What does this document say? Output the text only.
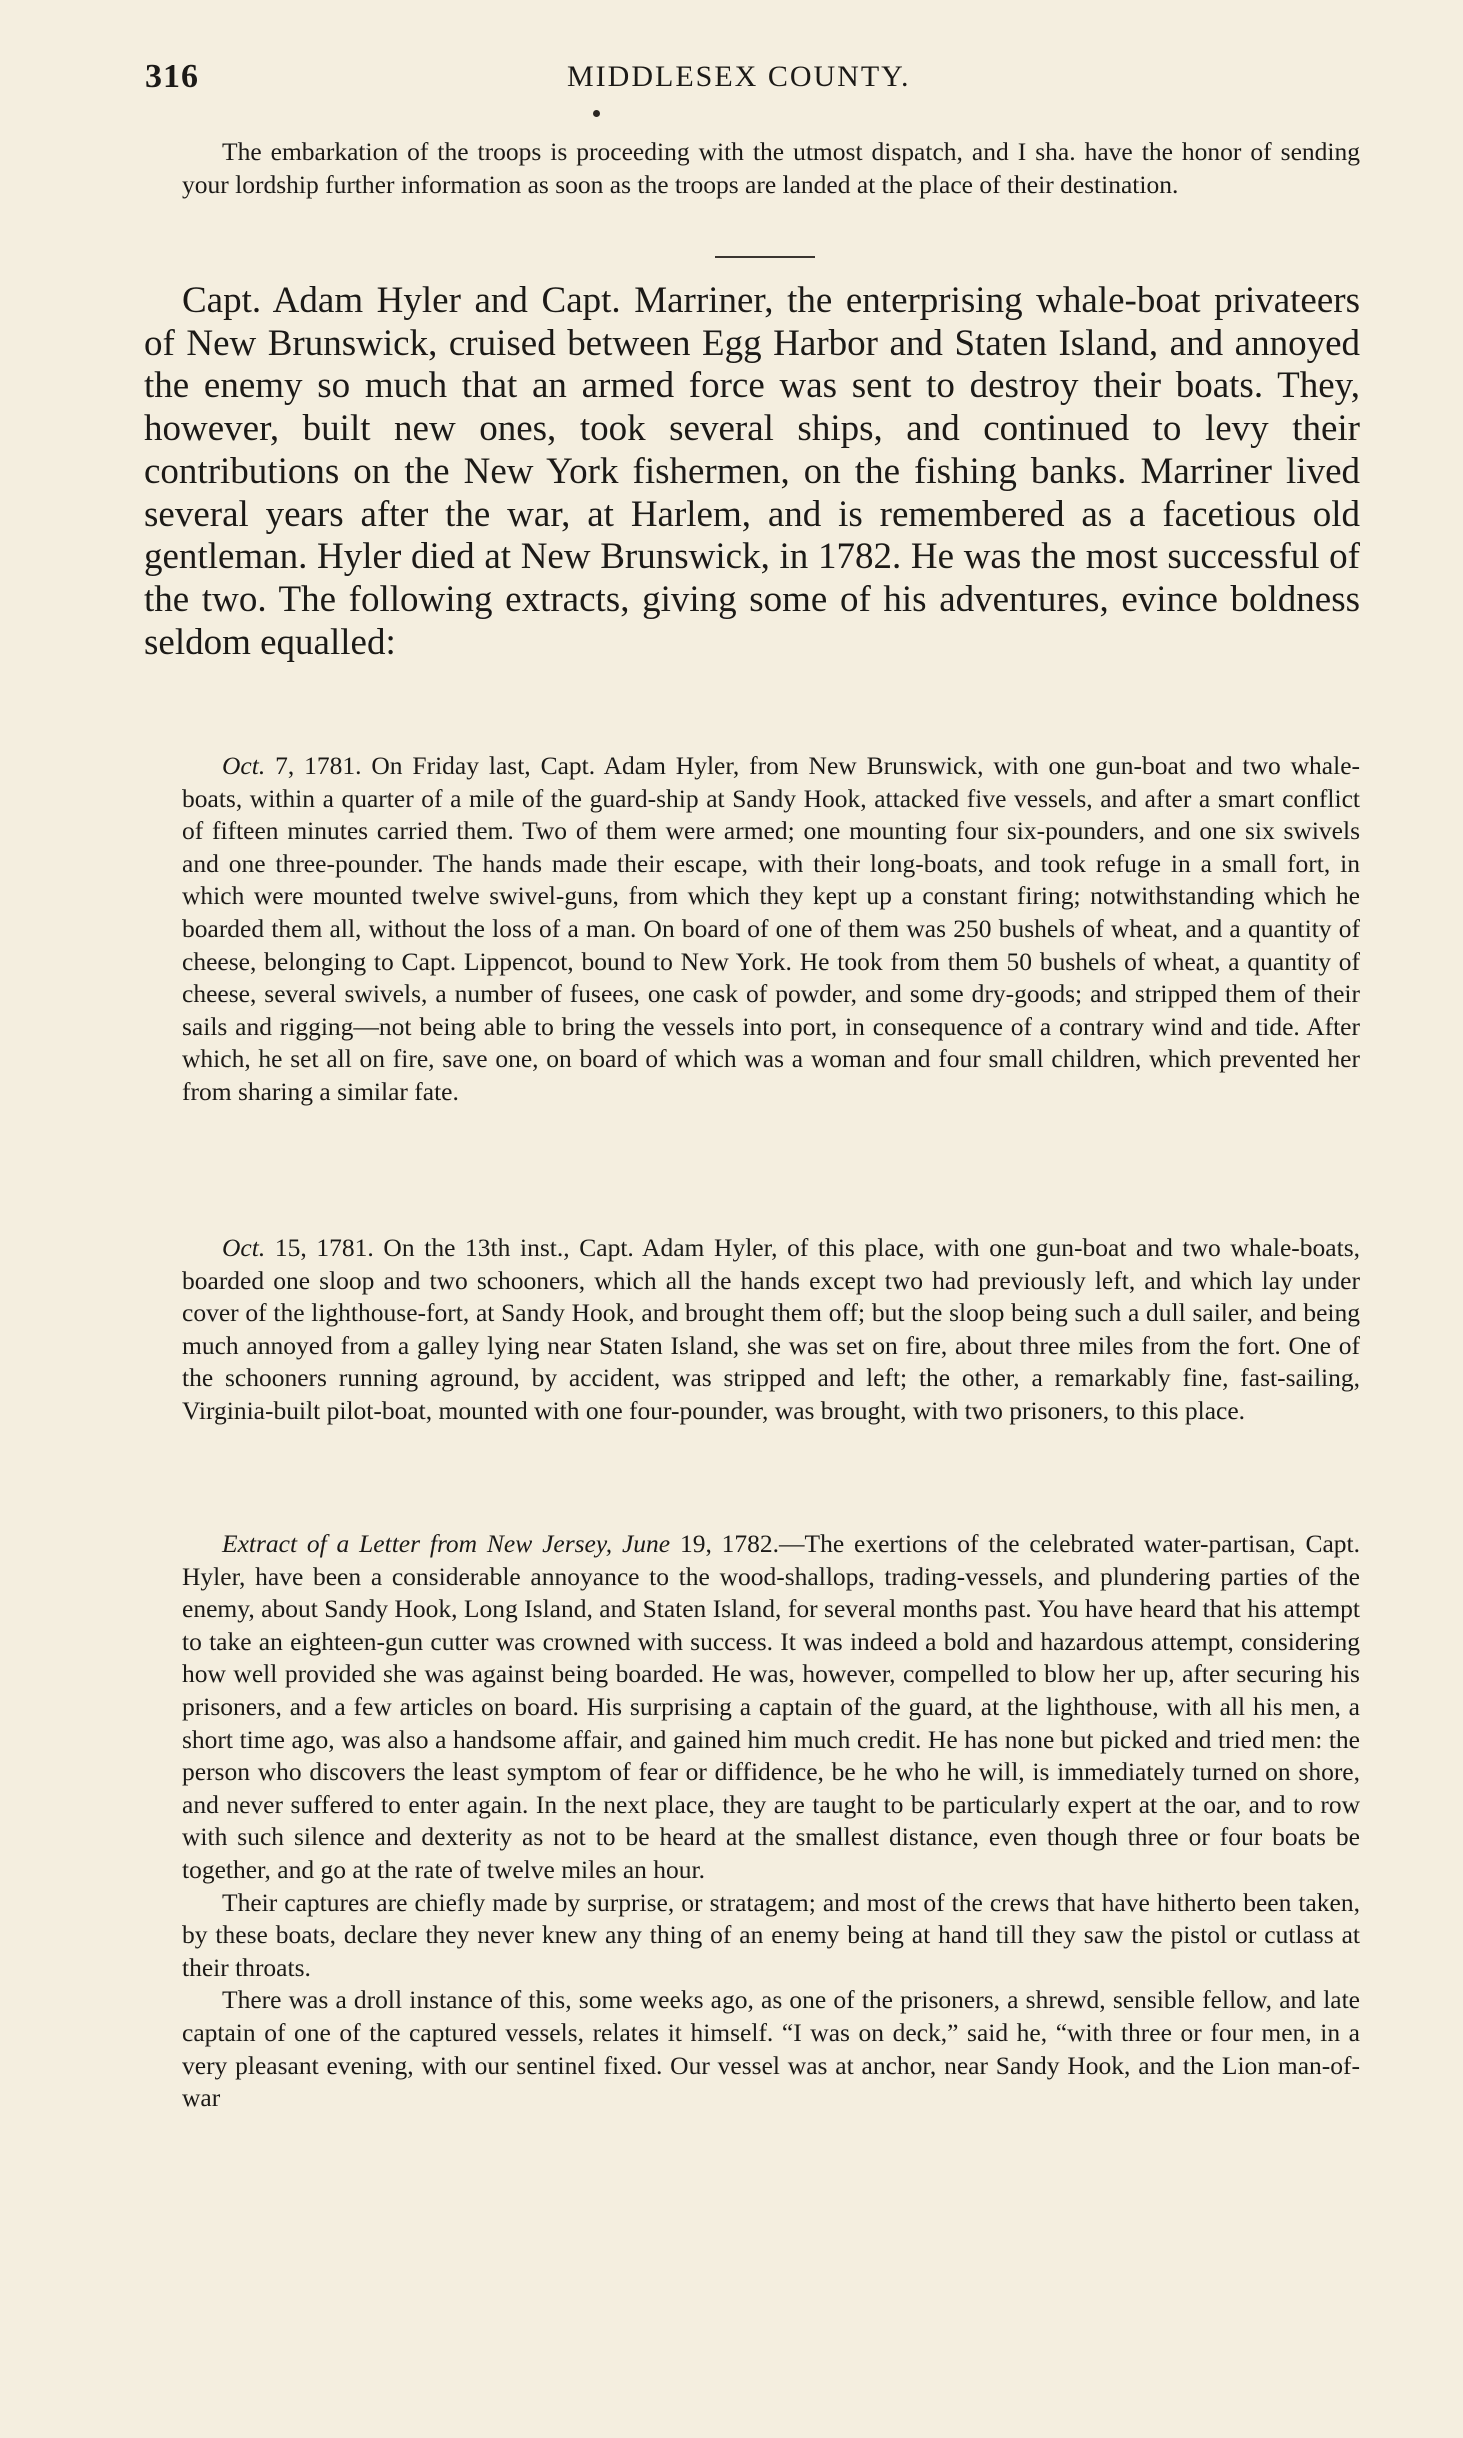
316	MIDDLESEX COUNTY.

The embarkation of the troops is proceeding with the utmost dispatch, and I sha. have the honor of sending your lordship further information as soon as the troops are landed at the place of their destination.

Capt. Adam Hyler and Capt. Marriner, the enterprising whale-boat privateers of New Brunswick, cruised between Egg Harbor and Staten Island, and annoyed the enemy so much that an armed force was sent to destroy their boats. They, however, built new ones, took several ships, and continued to levy their contributions on the New York fishermen, on the fishing banks. Marriner lived several years after the war, at Harlem, and is remembered as a facetious old gentleman. Hyler died at New Brunswick, in 1782. He was the most successful of the two. The following extracts, giving some of his adventures, evince boldness seldom equalled:

Oct. 7, 1781. On Friday last, Capt. Adam Hyler, from New Brunswick, with one gun-boat and two whale-boats, within a quarter of a mile of the guard-ship at Sandy Hook, attacked five vessels, and after a smart conflict of fifteen minutes carried them. Two of them were armed; one mounting four six-pounders, and one six swivels and one three-pounder. The hands made their escape, with their long-boats, and took refuge in a small fort, in which were mounted twelve swivel-guns, from which they kept up a constant firing; notwithstanding which he boarded them all, without the loss of a man. On board of one of them was 250 bushels of wheat, and a quantity of cheese, belonging to Capt. Lippencot, bound to New York. He took from them 50 bushels of wheat, a quantity of cheese, several swivels, a number of fusees, one cask of powder, and some dry-goods; and stripped them of their sails and rigging—not being able to bring the vessels into port, in consequence of a contrary wind and tide. After which, he set all on fire, save one, on board of which was a woman and four small children, which prevented her from sharing a similar fate.

Oct. 15, 1781. On the 13th inst., Capt. Adam Hyler, of this place, with one gun-boat and two whale-boats, boarded one sloop and two schooners, which all the hands except two had previously left, and which lay under cover of the lighthouse-fort, at Sandy Hook, and brought them off; but the sloop being such a dull sailer, and being much annoyed from a galley lying near Staten Island, she was set on fire, about three miles from the fort. One of the schooners running aground, by accident, was stripped and left; the other, a remarkably fine, fast-sailing, Virginia-built pilot-boat, mounted with one four-pounder, was brought, with two prisoners, to this place.

Extract of a Letter from New Jersey, June 19, 1782.—The exertions of the celebrated water-partisan, Capt. Hyler, have been a considerable annoyance to the wood-shallops, trading-vessels, and plundering parties of the enemy, about Sandy Hook, Long Island, and Staten Island, for several months past. You have heard that his attempt to take an eighteen-gun cutter was crowned with success. It was indeed a bold and hazardous attempt, considering how well provided she was against being boarded. He was, however, compelled to blow her up, after securing his prisoners, and a few articles on board. His surprising a captain of the guard, at the lighthouse, with all his men, a short time ago, was also a handsome affair, and gained him much credit. He has none but picked and tried men: the person who discovers the least symptom of fear or diffidence, be he who he will, is immediately turned on shore, and never suffered to enter again. In the next place, they are taught to be particularly expert at the oar, and to row with such silence and dexterity as not to be heard at the smallest distance, even though three or four boats be together, and go at the rate of twelve miles an hour.

Their captures are chiefly made by surprise, or stratagem; and most of the crews that have hitherto been taken, by these boats, declare they never knew any thing of an enemy being at hand till they saw the pistol or cutlass at their throats.

There was a droll instance of this, some weeks ago, as one of the prisoners, a shrewd, sensible fellow, and late captain of one of the captured vessels, relates it himself. “I was on deck,” said he, “with three or four men, in a very pleasant evening, with our sentinel fixed. Our vessel was at anchor, near Sandy Hook, and the Lion man-of-war
